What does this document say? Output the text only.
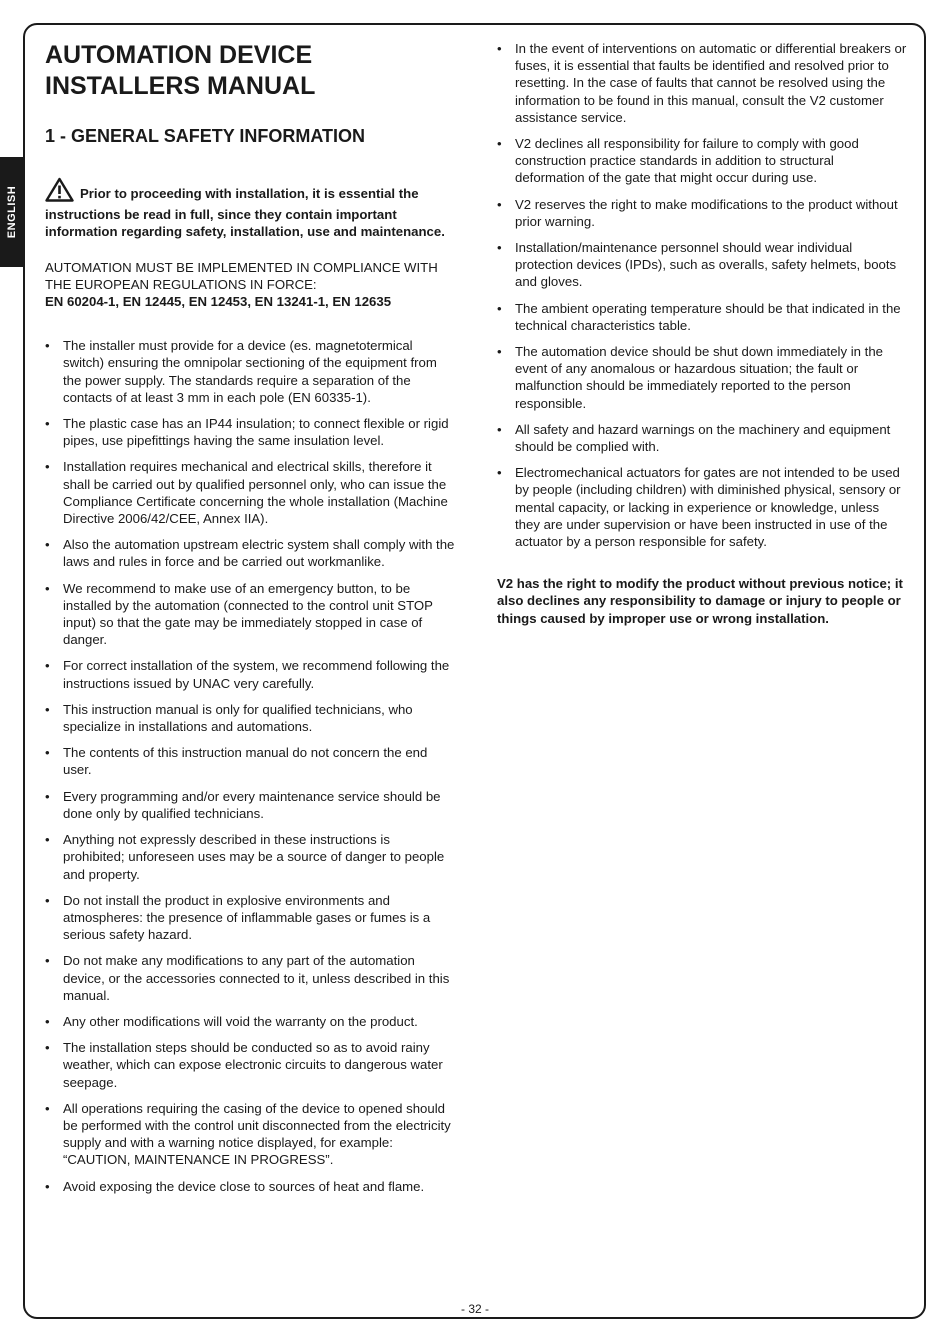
ENGLISH
AUTOMATION DEVICE
INSTALLERS MANUAL
1 - GENERAL SAFETY INFORMATION
Prior to proceeding with installation, it is essential the instructions be read in full, since they contain important information regarding safety, installation, use and maintenance.
AUTOMATION MUST BE IMPLEMENTED IN COMPLIANCE WITH THE EUROPEAN REGULATIONS IN FORCE:
EN 60204-1, EN 12445, EN 12453, EN 13241-1, EN 12635
• The installer must provide for a device (es. magnetotermical switch) ensuring the omnipolar sectioning of the equipment from the power supply. The standards require a separation of the contacts of at least 3 mm in each pole (EN 60335-1).
• The plastic case has an IP44 insulation; to connect flexible or rigid pipes, use pipefittings having the same insulation level.
• Installation requires mechanical and electrical skills, therefore it shall be carried out by qualified personnel only, who can issue the Compliance Certificate concerning the whole installation (Machine Directive 2006/42/CEE, Annex IIA).
• Also the automation upstream electric system shall comply with the laws and rules in force and be carried out workmanlike.
• We recommend to make use of an emergency button, to be installed by the automation (connected to the control unit STOP input) so that the gate may be immediately stopped in case of danger.
• For correct installation of the system, we recommend following the instructions issued by UNAC very carefully.
• This instruction manual is only for qualified technicians, who specialize in installations and automations.
• The contents of this instruction manual do not concern the end user.
• Every programming and/or every maintenance service should be done only by qualified technicians.
• Anything not expressly described in these instructions is prohibited; unforeseen uses may be a source of danger to people and property.
• Do not install the product in explosive environments and atmospheres: the presence of inflammable gases or fumes is a serious safety hazard.
• Do not make any modifications to any part of the automation device, or the accessories connected to it, unless described in this manual.
• Any other modifications will void the warranty on the product.
• The installation steps should be conducted so as to avoid rainy weather, which can expose electronic circuits to dangerous water seepage.
• All operations requiring the casing of the device to opened should be performed with the control unit disconnected from the electricity supply and with a warning notice displayed, for example: “CAUTION, MAINTENANCE IN PROGRESS”.
• Avoid exposing the device close to sources of heat and flame.
• In the event of interventions on automatic or differential breakers or fuses, it is essential that faults be identified and resolved prior to resetting. In the case of faults that cannot be resolved using the information to be found in this manual, consult the V2 customer assistance service.
• V2 declines all responsibility for failure to comply with good construction practice standards in addition to structural deformation of the gate that might occur during use.
• V2 reserves the right to make modifications to the product without prior warning.
• Installation/maintenance personnel should wear individual protection devices (IPDs), such as overalls, safety helmets, boots and gloves.
• The ambient operating temperature should be that indicated in the technical characteristics table.
• The automation device should be shut down immediately in the event of any anomalous or hazardous situation; the fault or malfunction should be immediately reported to the person responsible.
• All safety and hazard warnings on the machinery and equipment should be complied with.
• Electromechanical actuators for gates are not intended to be used by people (including children) with diminished physical, sensory or mental capacity, or lacking in experience or knowledge, unless they are under supervision or have been instructed in use of the actuator by a person responsible for safety.
V2 has the right to modify the product without previous notice; it also declines any responsibility to damage or injury to people or things caused by improper use or wrong installation.
- 32 -
